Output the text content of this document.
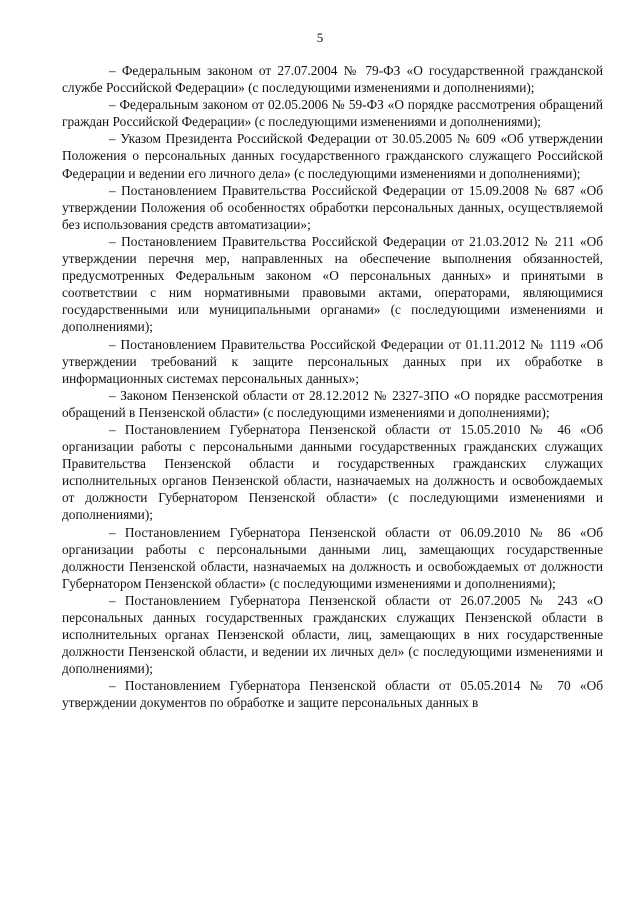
5

– Федеральным законом от 27.07.2004 № 79-ФЗ «О государственной гражданской службе Российской Федерации» (с последующими изменениями и дополнениями);

– Федеральным законом от 02.05.2006 № 59-ФЗ «О порядке рассмотрения обращений граждан Российской Федерации» (с последующими изменениями и дополнениями);

– Указом Президента Российской Федерации от 30.05.2005 № 609 «Об утверждении Положения о персональных данных государственного гражданского служащего Российской Федерации и ведении его личного дела» (с последующими изменениями и дополнениями);

– Постановлением Правительства Российской Федерации от 15.09.2008 № 687 «Об утверждении Положения об особенностях обработки персональных данных, осуществляемой без использования средств автоматизации»;

– Постановлением Правительства Российской Федерации от 21.03.2012 № 211 «Об утверждении перечня мер, направленных на обеспечение выполнения обязанностей, предусмотренных Федеральным законом «О персональных данных» и принятыми в соответствии с ним нормативными правовыми актами, операторами, являющимися государственными или муниципальными органами» (с последующими изменениями и дополнениями);

– Постановлением Правительства Российской Федерации от 01.11.2012 № 1119 «Об утверждении требований к защите персональных данных при их обработке в информационных системах персональных данных»;

– Законом Пензенской области от 28.12.2012 № 2327-ЗПО «О порядке рассмотрения обращений в Пензенской области» (с последующими изменениями и дополнениями);

– Постановлением Губернатора Пензенской области от 15.05.2010 № 46 «Об организации работы с персональными данными государственных гражданских служащих Правительства Пензенской области и государственных гражданских служащих исполнительных органов Пензенской области, назначаемых на должность и освобождаемых от должности Губернатором Пензенской области» (с последующими изменениями и дополнениями);

– Постановлением Губернатора Пензенской области от 06.09.2010 № 86 «Об организации работы с персональными данными лиц, замещающих государственные должности Пензенской области, назначаемых на должность и освобождаемых от должности Губернатором Пензенской области» (с последующими изменениями и дополнениями);

– Постановлением Губернатора Пензенской области от 26.07.2005 № 243 «О персональных данных государственных гражданских служащих Пензенской области в исполнительных органах Пензенской области, лиц, замещающих в них государственные должности Пензенской области, и ведении их личных дел» (с последующими изменениями и дополнениями);

– Постановлением Губернатора Пензенской области от 05.05.2014 № 70 «Об утверждении документов по обработке и защите персональных данных в
